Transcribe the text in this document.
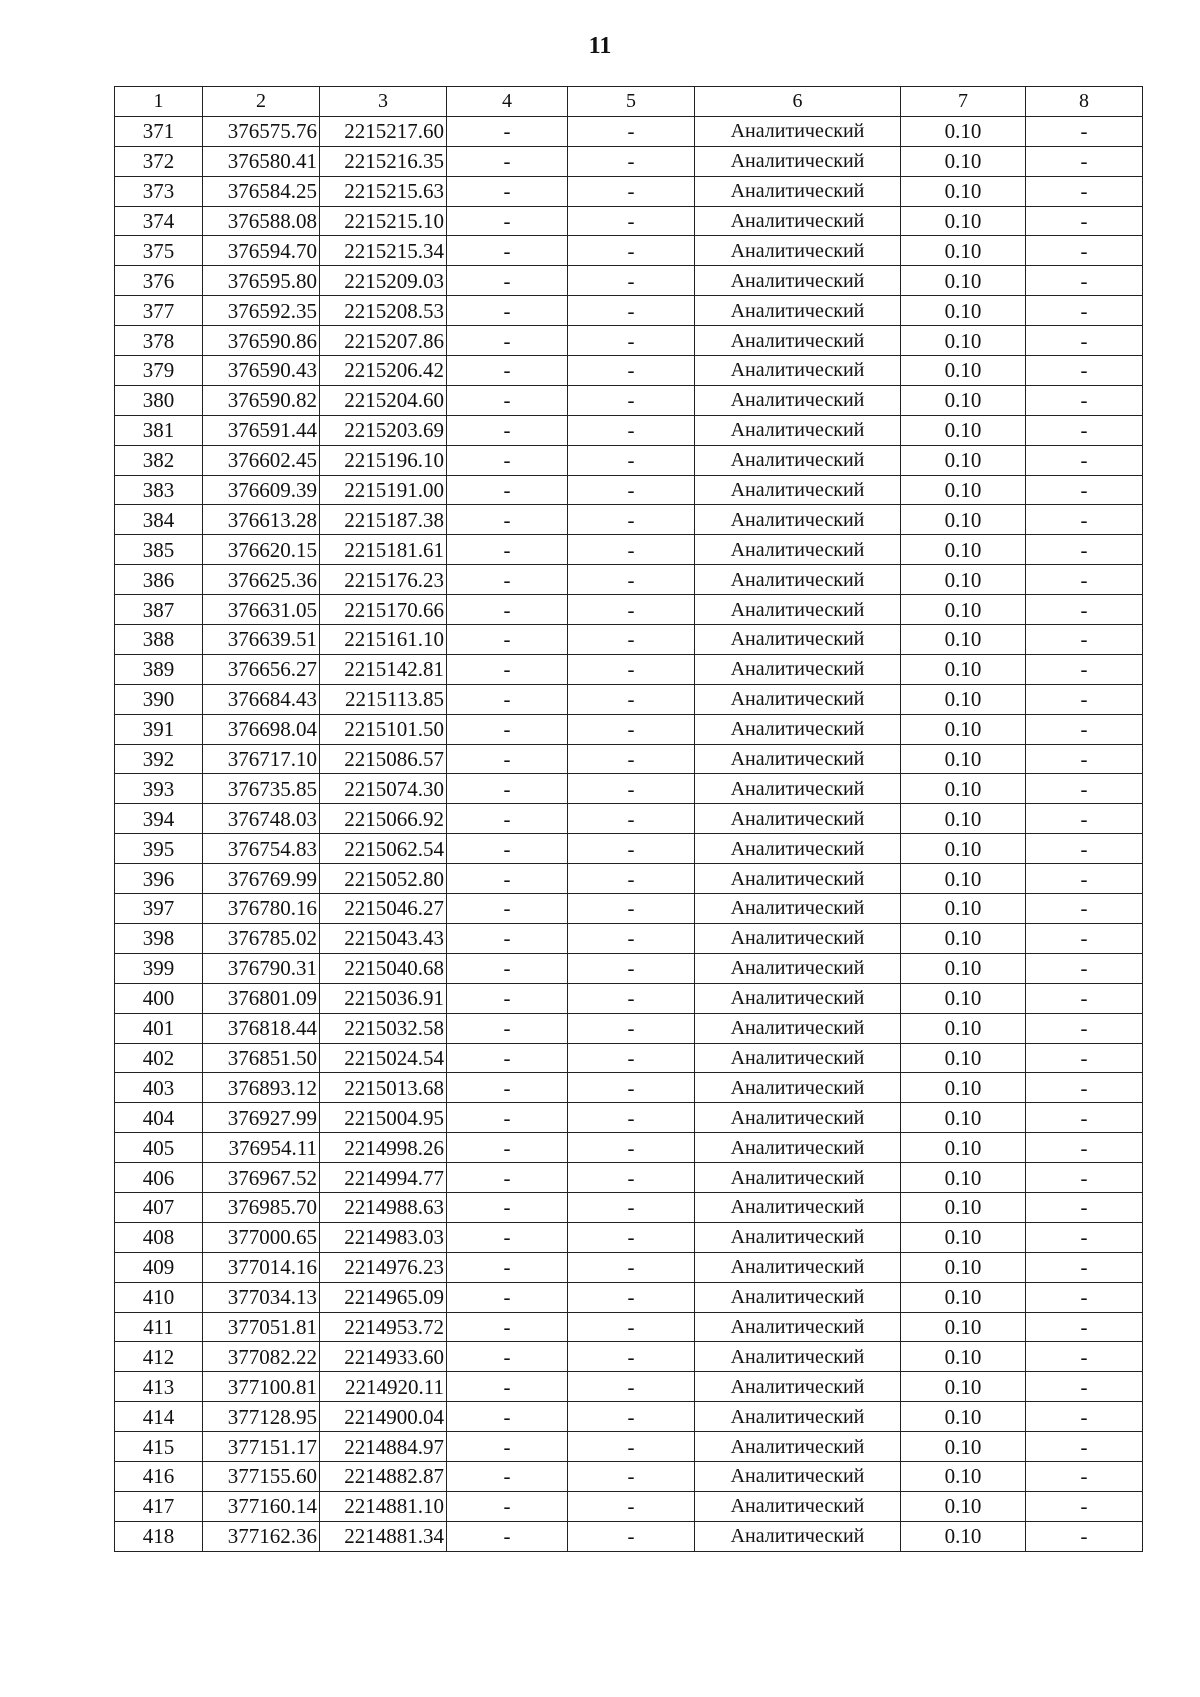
11
1	2	3	4	5	6	7	8
371	376575.76	2215217.60	-	-	Аналитический	0.10	-
372	376580.41	2215216.35	-	-	Аналитический	0.10	-
373	376584.25	2215215.63	-	-	Аналитический	0.10	-
374	376588.08	2215215.10	-	-	Аналитический	0.10	-
375	376594.70	2215215.34	-	-	Аналитический	0.10	-
376	376595.80	2215209.03	-	-	Аналитический	0.10	-
377	376592.35	2215208.53	-	-	Аналитический	0.10	-
378	376590.86	2215207.86	-	-	Аналитический	0.10	-
379	376590.43	2215206.42	-	-	Аналитический	0.10	-
380	376590.82	2215204.60	-	-	Аналитический	0.10	-
381	376591.44	2215203.69	-	-	Аналитический	0.10	-
382	376602.45	2215196.10	-	-	Аналитический	0.10	-
383	376609.39	2215191.00	-	-	Аналитический	0.10	-
384	376613.28	2215187.38	-	-	Аналитический	0.10	-
385	376620.15	2215181.61	-	-	Аналитический	0.10	-
386	376625.36	2215176.23	-	-	Аналитический	0.10	-
387	376631.05	2215170.66	-	-	Аналитический	0.10	-
388	376639.51	2215161.10	-	-	Аналитический	0.10	-
389	376656.27	2215142.81	-	-	Аналитический	0.10	-
390	376684.43	2215113.85	-	-	Аналитический	0.10	-
391	376698.04	2215101.50	-	-	Аналитический	0.10	-
392	376717.10	2215086.57	-	-	Аналитический	0.10	-
393	376735.85	2215074.30	-	-	Аналитический	0.10	-
394	376748.03	2215066.92	-	-	Аналитический	0.10	-
395	376754.83	2215062.54	-	-	Аналитический	0.10	-
396	376769.99	2215052.80	-	-	Аналитический	0.10	-
397	376780.16	2215046.27	-	-	Аналитический	0.10	-
398	376785.02	2215043.43	-	-	Аналитический	0.10	-
399	376790.31	2215040.68	-	-	Аналитический	0.10	-
400	376801.09	2215036.91	-	-	Аналитический	0.10	-
401	376818.44	2215032.58	-	-	Аналитический	0.10	-
402	376851.50	2215024.54	-	-	Аналитический	0.10	-
403	376893.12	2215013.68	-	-	Аналитический	0.10	-
404	376927.99	2215004.95	-	-	Аналитический	0.10	-
405	376954.11	2214998.26	-	-	Аналитический	0.10	-
406	376967.52	2214994.77	-	-	Аналитический	0.10	-
407	376985.70	2214988.63	-	-	Аналитический	0.10	-
408	377000.65	2214983.03	-	-	Аналитический	0.10	-
409	377014.16	2214976.23	-	-	Аналитический	0.10	-
410	377034.13	2214965.09	-	-	Аналитический	0.10	-
411	377051.81	2214953.72	-	-	Аналитический	0.10	-
412	377082.22	2214933.60	-	-	Аналитический	0.10	-
413	377100.81	2214920.11	-	-	Аналитический	0.10	-
414	377128.95	2214900.04	-	-	Аналитический	0.10	-
415	377151.17	2214884.97	-	-	Аналитический	0.10	-
416	377155.60	2214882.87	-	-	Аналитический	0.10	-
417	377160.14	2214881.10	-	-	Аналитический	0.10	-
418	377162.36	2214881.34	-	-	Аналитический	0.10	-
